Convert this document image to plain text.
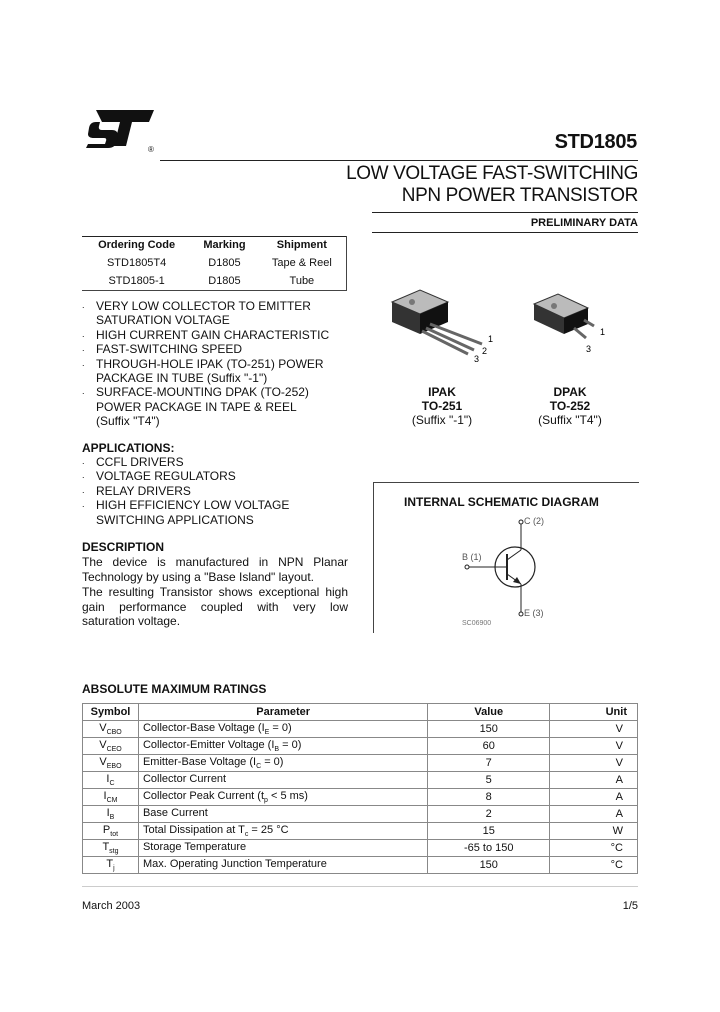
®	STD1805
LOW VOLTAGE FAST-SWITCHING
NPN POWER TRANSISTOR
PRELIMINARY DATA
Ordering Code	Marking	Shipment
STD1805T4	D1805	Tape & Reel
STD1805-1	D1805	Tube
. VERY LOW COLLECTOR TO EMITTER
SATURATION VOLTAGE
. HIGH CURRENT GAIN CHARACTERISTIC
. FAST-SWITCHING SPEED
. THROUGH-HOLE IPAK (TO-251) POWER
PACKAGE IN TUBE (Suffix "-1")
. SURFACE-MOUNTING DPAK (TO-252)
POWER PACKAGE IN TAPE & REEL
(Suffix "T4")
1
2
3
1
3
IPAK
TO-251
(Suffix "-1")
DPAK
TO-252
(Suffix "T4")
APPLICATIONS:
. CCFL DRIVERS
. VOLTAGE REGULATORS
. RELAY DRIVERS
. HIGH EFFICIENCY LOW VOLTAGE
SWITCHING APPLICATIONS
DESCRIPTION
The device is manufactured in NPN Planar Technology by using a "Base Island" layout.
The resulting Transistor shows exceptional high gain performance coupled with very low saturation voltage.
INTERNAL SCHEMATIC DIAGRAM
C (2)
B (1)
E (3)
SC06900
ABSOLUTE MAXIMUM RATINGS
Symbol	Parameter	Value	Unit
$V_{CBO}$	Collector-Base Voltage $(I_E = 0)$	150	V
$V_{CEO}$	Collector-Emitter Voltage $(I_B = 0)$	60	V
$V_{EBO}$	Emitter-Base Voltage $(I_C = 0)$	7	V
$I_C$	Collector Current	5	A
$I_{CM}$	Collector Peak Current ($t_p < 5$ ms)	8	A
$I_B$	Base Current	2	A
$P_{tot}$	Total Dissipation at $T_c = 25$ °C	15	W
$T_{stg}$	Storage Temperature	-65 to 150	°C
$T_j$	Max. Operating Junction Temperature	150	°C
March 2003	1/5
